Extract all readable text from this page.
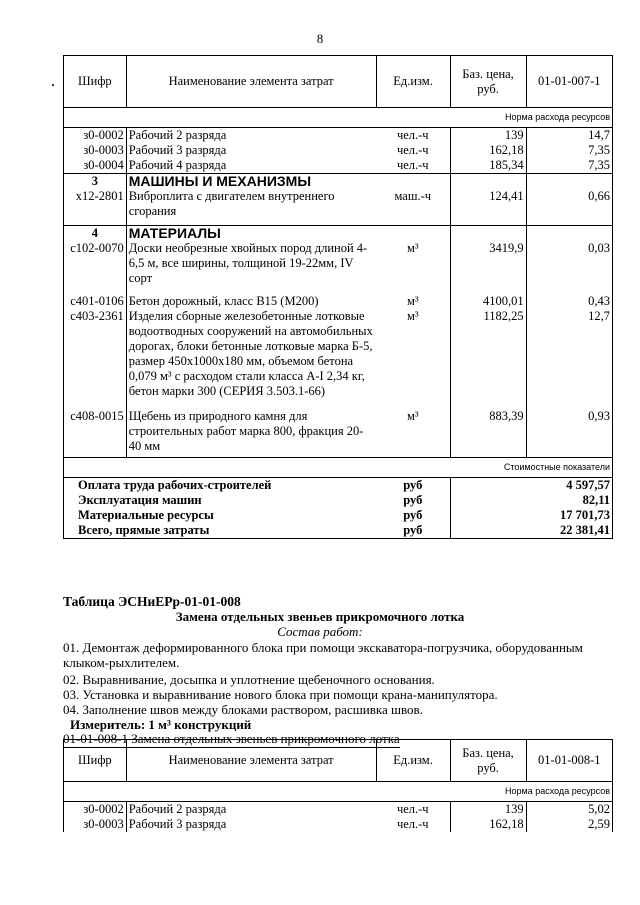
8
Шифр	Наименование элемента затрат	Ед.изм.	Баз. цена, руб.	01-01-007-1
Норма расхода ресурсов				
з0-0002	Рабочий 2 разряда	чел.-ч	139	14,7
з0-0003	Рабочий 3 разряда	чел.-ч	162,18	7,35
з0-0004	Рабочий 4 разряда	чел.-ч	185,34	7,35
3	МАШИНЫ И МЕХАНИЗМЫ			
х12-2801	Виброплита с двигателем внутреннего сгорания	маш.-ч	124,41	0,66

4	МАТЕРИАЛЫ			
с102-0070	Доски необрезные хвойных пород длиной 4-6,5 м, все ширины, толщиной 19-22мм, IV сорт	м³	3419,9	0,03

с401-0106	Бетон дорожный, класс В15 (М200)	м³	4100,01	0,43
с403-2361	Изделия сборные железобетонные лотковые водоотводных сооружений на автомобильных дорогах, блоки бетонные лотковые марка Б-5, размер 450х1000х180 мм, объемом бетона 0,079 м³ с расходом стали класса А-I 2,34 кг, бетон марки 300 (СЕРИЯ 3.503.1-66)	м³	1182,25	12,7

с408-0015	Щебень из природного камня для строительных работ марка 800, фракция 20-40 мм	м³	883,39	0,93

Стоимостные показатели				
Оплата труда рабочих-строителей		руб	4 597,57	
Эксплуатация машин		руб	82,11	
Материальные ресурсы		руб	17 701,73	
Всего, прямые затраты		руб	22 381,41	
Таблица ЭСНиЕРр-01-01-008
Замена отдельных звеньев прикромочного лотка
Состав работ:
01. Демонтаж деформированного блока при помощи экскаватора-погрузчика, оборудованным клыком-рыхлителем.
02. Выравнивание, досыпка и уплотнение щебеночного основания.
03. Установка и выравнивание нового блока при помощи крана-манипулятора.
04. Заполнение швов между блоками раствором, расшивка швов.
Измеритель: 1 м³ конструкций
01-01-008-1 Замена отдельных звеньев прикромочного лотка
Шифр	Наименование элемента затрат	Ед.изм.	Баз. цена, руб.	01-01-008-1
Норма расхода ресурсов				
з0-0002	Рабочий 2 разряда	чел.-ч	139	5,02
з0-0003	Рабочий 3 разряда	чел.-ч	162,18	2,59
